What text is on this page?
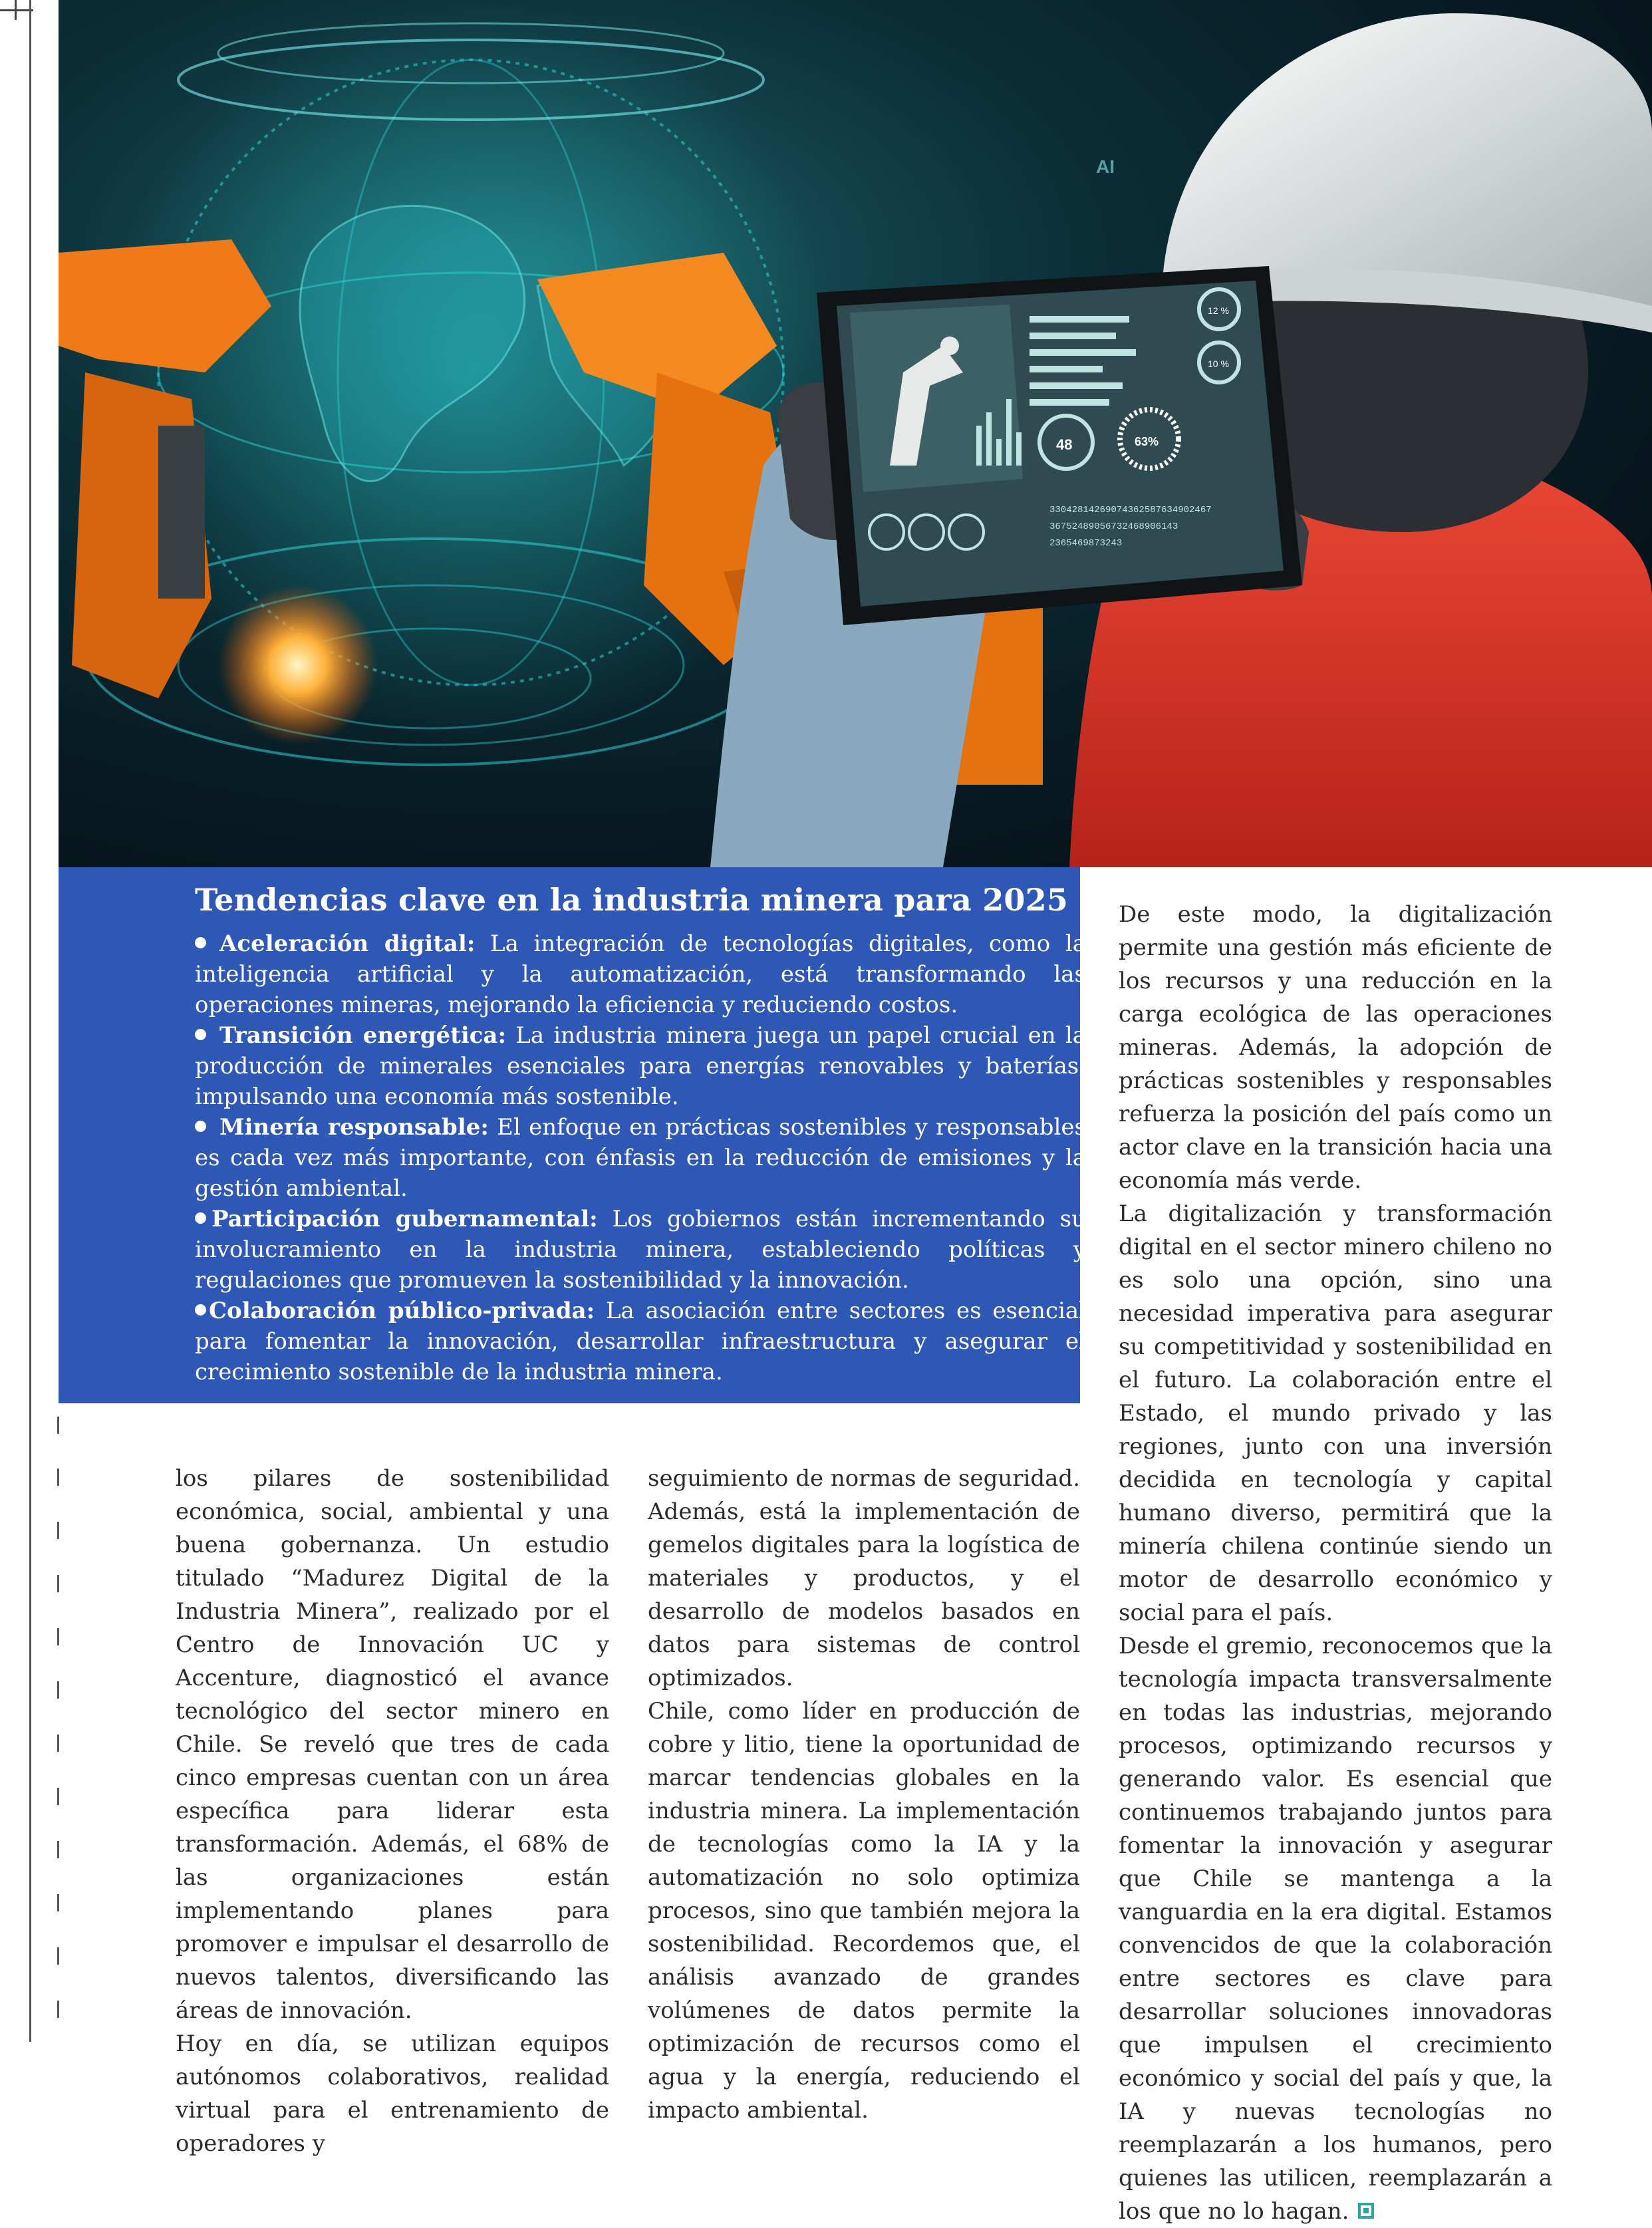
48	63%
12 %
10 %
33042814269074362587634902467
36752489056732468906143
2365469873243
AI
Tendencias clave en la industria minera para 2025

Aceleración digital: La integración de tecnologías digitales, como la inteligencia artificial y la automatización, está transformando las operaciones mineras, mejorando la eficiencia y reduciendo costos.

Transición energética: La industria minera juega un papel crucial en la producción de minerales esenciales para energías renovables y baterías, impulsando una economía más sostenible.

Minería responsable: El enfoque en prácticas sostenibles y responsables es cada vez más importante, con énfasis en la reducción de emisiones y la gestión ambiental.

Participación gubernamental: Los gobiernos están incrementando su involucramiento en la industria minera, estableciendo políticas y regulaciones que promueven la sostenibilidad y la innovación.

Colaboración público-privada: La asociación entre sectores es esencial para fomentar la innovación, desarrollar infraestructura y asegurar el crecimiento sostenible de la industria minera.

los pilares de sostenibilidad económica, social, ambiental y una buena gobernanza. Un estudio titulado “Madurez Digital de la Industria Minera”, realizado por el Centro de Innovación UC y Accenture, diagnosticó el avance tecnológico del sector minero en Chile. Se reveló que tres de cada cinco empresas cuentan con un área específica para liderar esta transformación. Además, el 68% de las organizaciones están implementando planes para promover e impulsar el desarrollo de nuevos talentos, diversificando las áreas de innovación.

Hoy en día, se utilizan equipos autónomos colaborativos, realidad virtual para el entrenamiento de operadores y

seguimiento de normas de seguridad. Además, está la implementación de gemelos digitales para la logística de materiales y productos, y el desarrollo de modelos basados en datos para sistemas de control optimizados.

Chile, como líder en producción de cobre y litio, tiene la oportunidad de marcar tendencias globales en la industria minera. La implementación de tecnologías como la IA y la automatización no solo optimiza procesos, sino que también mejora la sostenibilidad. Recordemos que, el análisis avanzado de grandes volúmenes de datos permite la optimización de recursos como el agua y la energía, reduciendo el impacto ambiental.

De este modo, la digitalización permite una gestión más eficiente de los recursos y una reducción en la carga ecológica de las operaciones mineras. Además, la adopción de prácticas sostenibles y responsables refuerza la posición del país como un actor clave en la transición hacia una economía más verde.

La digitalización y transformación digital en el sector minero chileno no es solo una opción, sino una necesidad imperativa para asegurar su competitividad y sostenibilidad en el futuro. La colaboración entre el Estado, el mundo privado y las regiones, junto con una inversión decidida en tecnología y capital humano diverso, permitirá que la minería chilena continúe siendo un motor de desarrollo económico y social para el país.

Desde el gremio, reconocemos que la tecnología impacta transversalmente en todas las industrias, mejorando procesos, optimizando recursos y generando valor. Es esencial que continuemos trabajando juntos para fomentar la innovación y asegurar que Chile se mantenga a la vanguardia en la era digital. Estamos convencidos de que la colaboración entre sectores es clave para desarrollar soluciones innovadoras que impulsen el crecimiento económico y social del país y que, la IA y nuevas tecnologías no reemplazarán a los humanos, pero quienes las utilicen, reemplazarán a los que no lo hagan.
